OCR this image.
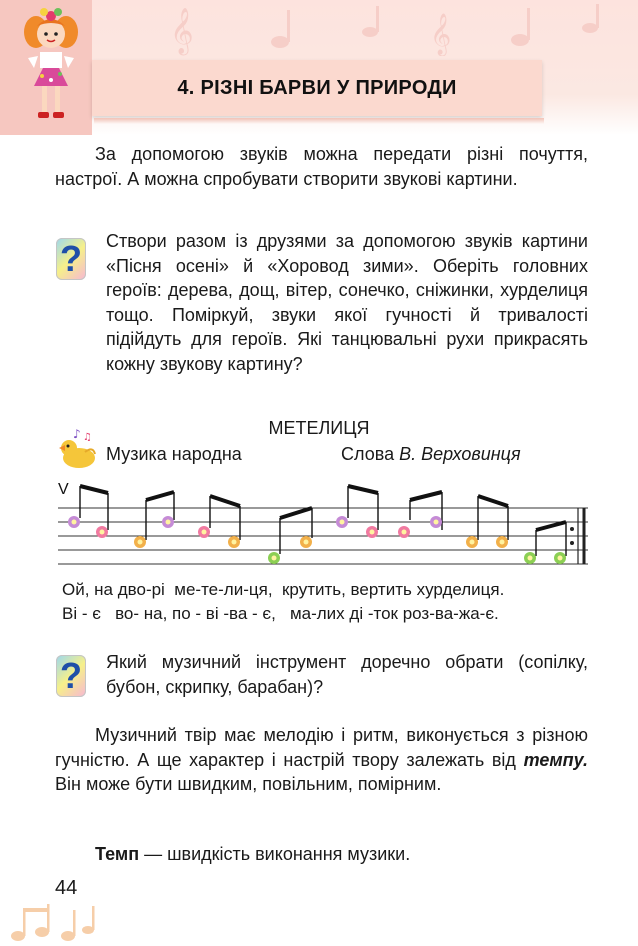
𝄞	𝄞
4. РІЗНІ БАРВИ У ПРИРОДИ

За допомогою звуків можна передати різні почуття, настрої. А можна спробувати створити звукові картини.

? Створи разом із друзями за допомогою звуків картини «Пісня осені» й «Хоровод зими». Оберіть головних героїв: дерева, дощ, вітер, сонечко, сніжинки, хурделиця тощо. Поміркуй, звуки якої гучності й тривалості підійдуть для героїв. Які танцювальні рухи прикрасять кожну звукову картину?

МЕТЕЛИЦЯ
♪ ♫
Музика народна	Слова В. Верховинця
V
Ой, на дво-рі  ме-те-ли-ця,  крутить, вертить хурделиця.
Ві - є   во- на, по - ві -ва - є,   ма-лих ді -ток роз-ва-жа-є.
? Який музичний інструмент доречно обрати (сопілку, бубон, скрипку, барабан)?

Музичний твір має мелодію і ритм, виконується з різною гучністю. А ще характер і настрій твору залежать від темпу. Він може бути швидким, повільним, помірним.

Темп — швидкість виконання музики.

44
